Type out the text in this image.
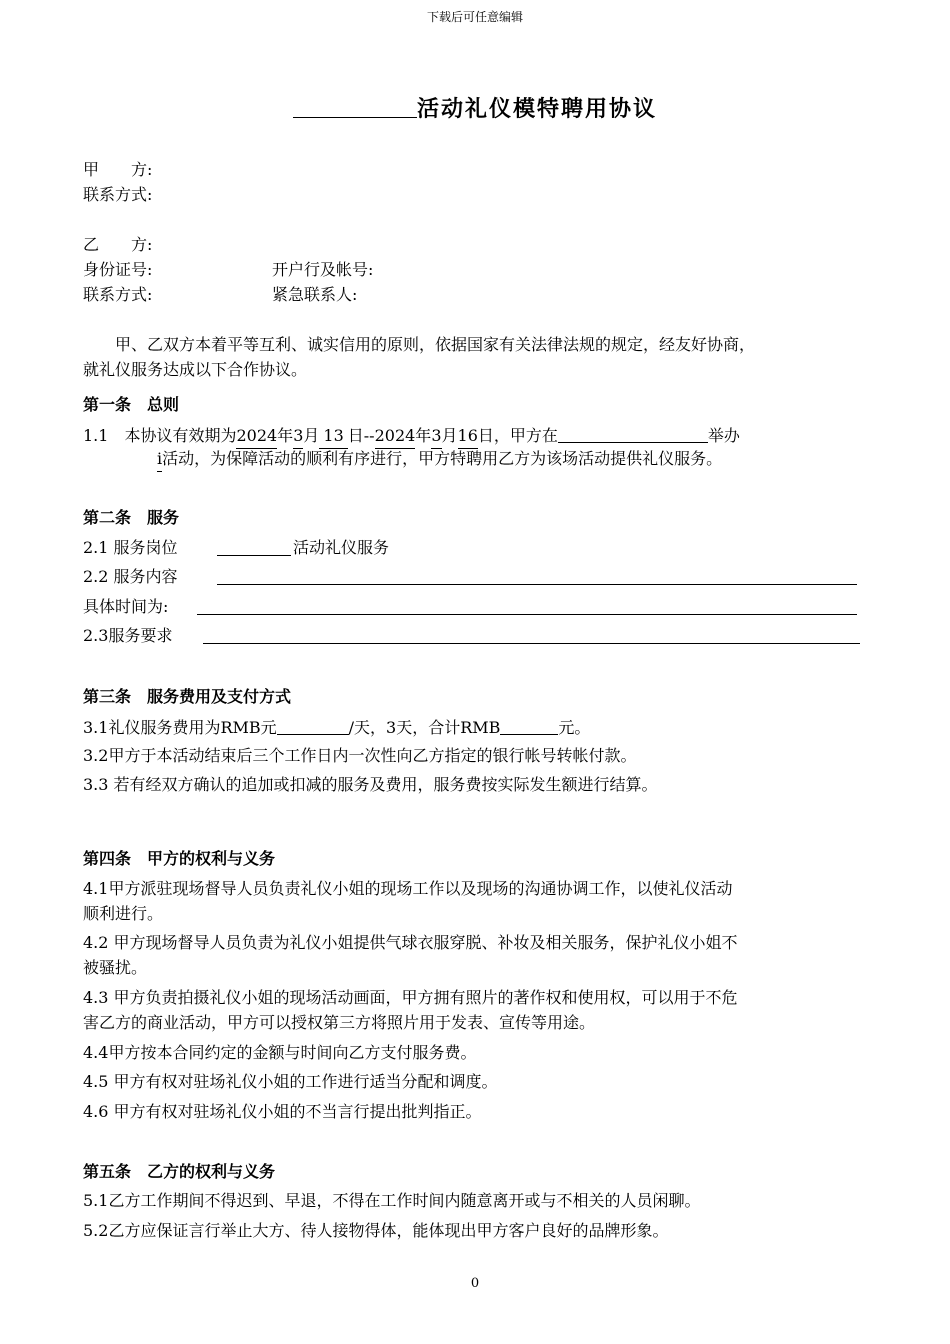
下载后可任意编辑
活动礼仪模特聘用协议
甲　　方:
联系方式:
乙　　方:
身份证号:	开户行及帐号:
联系方式:	紧急联系人:
甲、乙双方本着平等互利、诚实信用的原则，依据国家有关法律法规的规定，经友好协商，
就礼仪服务达成以下合作协议。
第一条　总则
1.1　本协议有效期为2024年3月 13 日--2024年3月16日，甲方在	举办
i活动，为保障活动的顺利有序进行，甲方特聘用乙方为该场活动提供礼仪服务。
第二条　服务
2.1 服务岗位	活动礼仪服务
2.2 服务内容
具体时间为:
2.3服务要求
第三条　服务费用及支付方式
3.1礼仪服务费用为RMB元	/天，3天，合计RMB	元。
3.2甲方于本活动结束后三个工作日内一次性向乙方指定的银行帐号转帐付款。
3.3 若有经双方确认的追加或扣减的服务及费用，服务费按实际发生额进行结算。
第四条　甲方的权利与义务
4.1甲方派驻现场督导人员负责礼仪小姐的现场工作以及现场的沟通协调工作，以使礼仪活动
顺利进行。
4.2 甲方现场督导人员负责为礼仪小姐提供气球衣服穿脱、补妆及相关服务，保护礼仪小姐不
被骚扰。
4.3 甲方负责拍摄礼仪小姐的现场活动画面，甲方拥有照片的著作权和使用权，可以用于不危
害乙方的商业活动，甲方可以授权第三方将照片用于发表、宣传等用途。
4.4甲方按本合同约定的金额与时间向乙方支付服务费。
4.5 甲方有权对驻场礼仪小姐的工作进行适当分配和调度。
4.6 甲方有权对驻场礼仪小姐的不当言行提出批判指正。
第五条　乙方的权利与义务
5.1乙方工作期间不得迟到、早退，不得在工作时间内随意离开或与不相关的人员闲聊。
5.2乙方应保证言行举止大方、待人接物得体，能体现出甲方客户良好的品牌形象。
0
